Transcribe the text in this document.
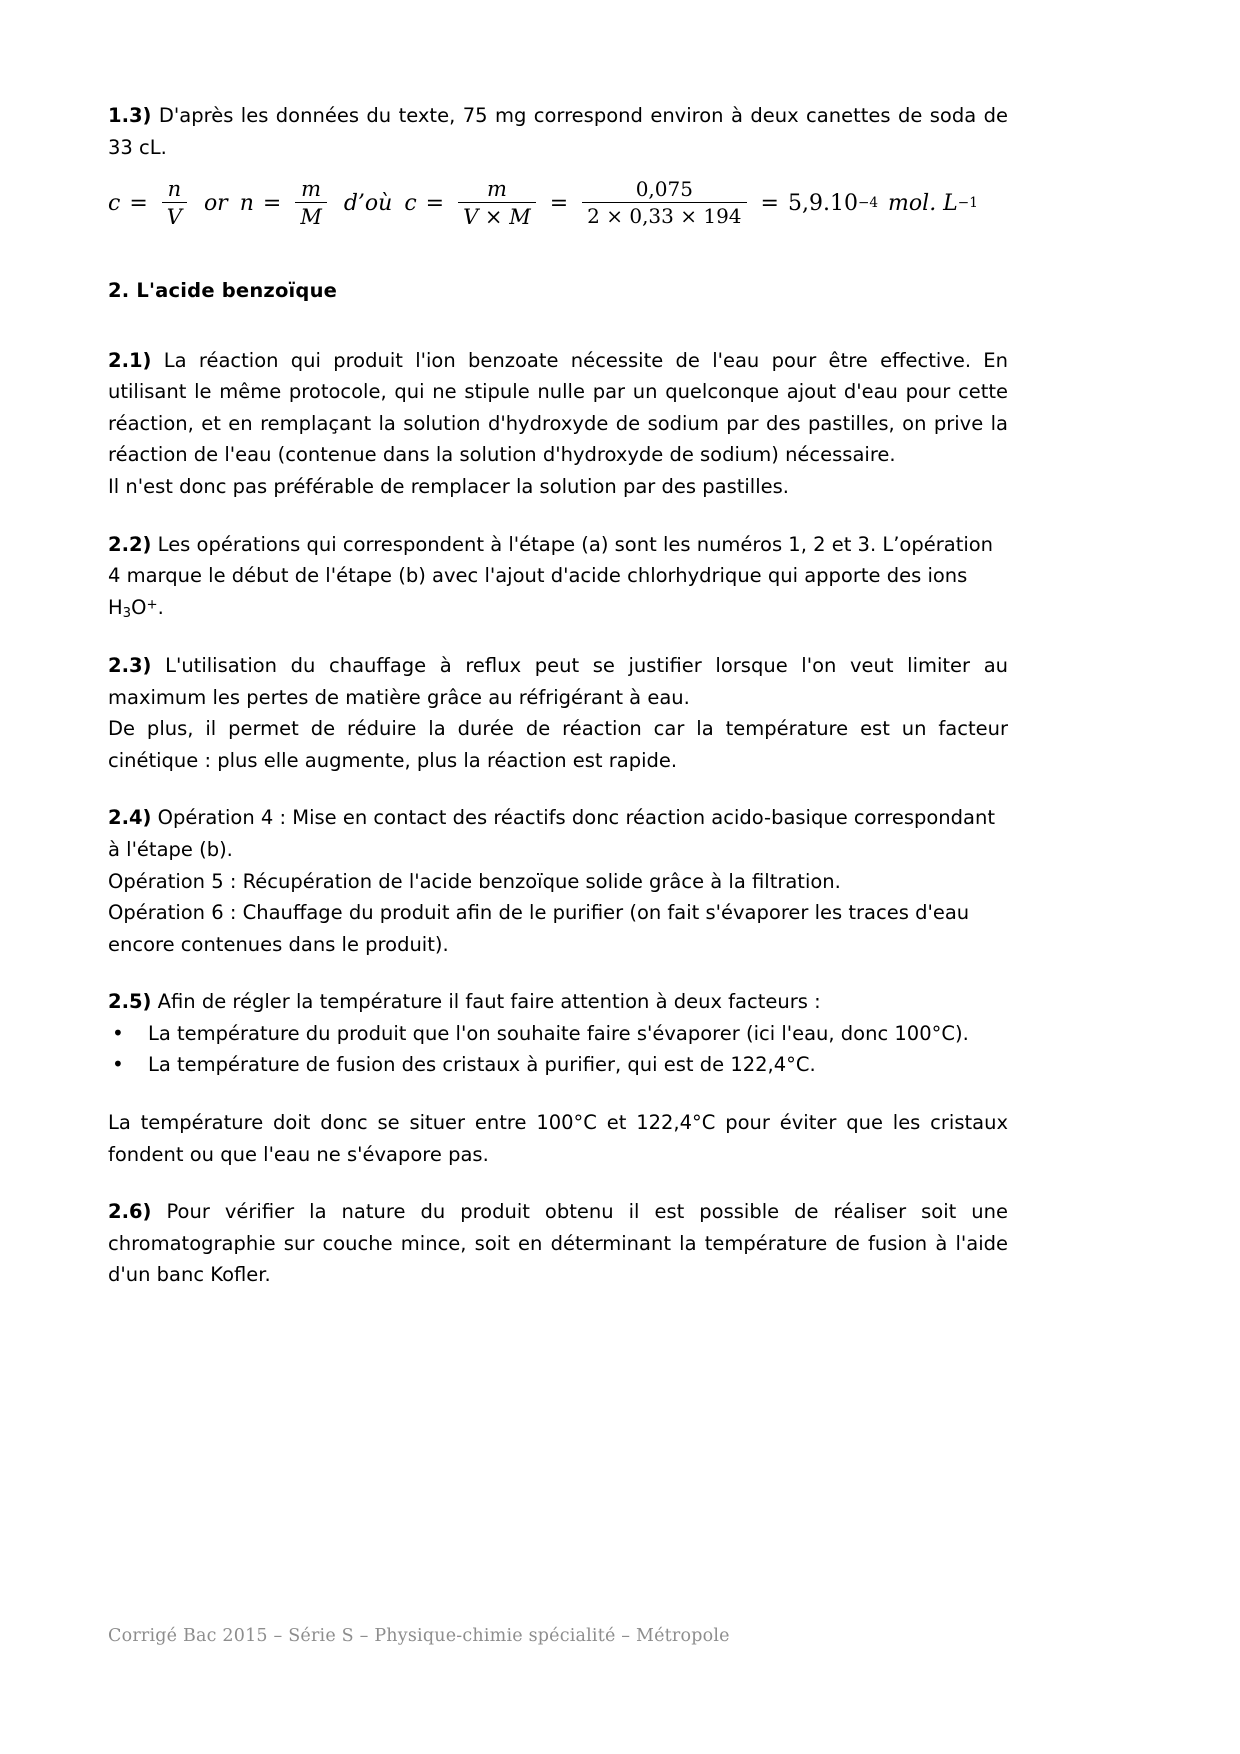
1.3) D'après les données du texte, 75 mg correspond environ à deux canettes de soda de 33 cL.

$c = \frac{n}{V}$ or $n = \frac{m}{M}$ d’où $c = \frac{m}{V \times M} = \frac{0,075}{2 \times 0,33 \times 194} = 5,9.10 -4$ mol. L −1
2. L'acide benzoïque

2.1) La réaction qui produit l'ion benzoate nécessite de l'eau pour être effective. En utilisant le même protocole, qui ne stipule nulle par un quelconque ajout d'eau pour cette réaction, et en remplaçant la solution d'hydroxyde de sodium par des pastilles, on prive la réaction de l'eau (contenue dans la solution d'hydroxyde de sodium) nécessaire.

Il n'est donc pas préférable de remplacer la solution par des pastilles.

2.2) Les opérations qui correspondent à l'étape (a) sont les numéros 1, 2 et 3. L’opération 4 marque le début de l'étape (b) avec l'ajout d'acide chlorhydrique qui apporte des ions $H_3O^+$.

2.3) L'utilisation du chauffage à reflux peut se justifier lorsque l'on veut limiter au maximum les pertes de matière grâce au réfrigérant à eau.

De plus, il permet de réduire la durée de réaction car la température est un facteur cinétique : plus elle augmente, plus la réaction est rapide.

2.4) Opération 4 : Mise en contact des réactifs donc réaction acido-basique correspondant à l'étape (b).

Opération 5 : Récupération de l'acide benzoïque solide grâce à la filtration.

Opération 6 : Chauffage du produit afin de le purifier (on fait s'évaporer les traces d'eau encore contenues dans le produit).

2.5) Afin de régler la température il faut faire attention à deux facteurs :

• La température du produit que l'on souhaite faire s'évaporer (ici l'eau, donc 100°C).
• La température de fusion des cristaux à purifier, qui est de 122,4°C.

La température doit donc se situer entre 100°C et 122,4°C pour éviter que les cristaux fondent ou que l'eau ne s'évapore pas.

2.6) Pour vérifier la nature du produit obtenu il est possible de réaliser soit une chromatographie sur couche mince, soit en déterminant la température de fusion à l'aide d'un banc Kofler.

Corrigé Bac 2015 – Série S – Physique-chimie spécialité – Métropole
